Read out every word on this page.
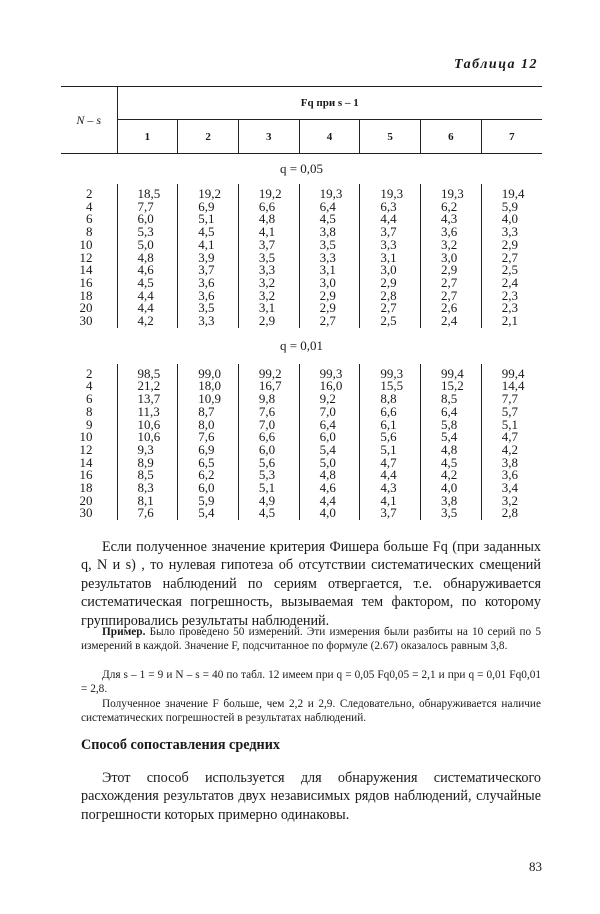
Таблица 12
N – s	Fq при s – 1						
	1	2	3	4	5	6	7
q = 0,05							
2	18,5	19,2	19,2	19,3	19,3	19,3	19,4
4	7,7	6,9	6,6	6,4	6,3	6,2	5,9
6	6,0	5,1	4,8	4,5	4,4	4,3	4,0
8	5,3	4,5	4,1	3,8	3,7	3,6	3,3
10	5,0	4,1	3,7	3,5	3,3	3,2	2,9
12	4,8	3,9	3,5	3,3	3,1	3,0	2,7
14	4,6	3,7	3,3	3,1	3,0	2,9	2,5
16	4,5	3,6	3,2	3,0	2,9	2,7	2,4
18	4,4	3,6	3,2	2,9	2,8	2,7	2,3
20	4,4	3,5	3,1	2,9	2,7	2,6	2,3
30	4,2	3,3	2,9	2,7	2,5	2,4	2,1
q = 0,01							
2	98,5	99,0	99,2	99,3	99,3	99,4	99,4
4	21,2	18,0	16,7	16,0	15,5	15,2	14,4
6	13,7	10,9	9,8	9,2	8,8	8,5	7,7
8	11,3	8,7	7,6	7,0	6,6	6,4	5,7
9	10,6	8,0	7,0	6,4	6,1	5,8	5,1
10	10,6	7,6	6,6	6,0	5,6	5,4	4,7
12	9,3	6,9	6,0	5,4	5,1	4,8	4,2
14	8,9	6,5	5,6	5,0	4,7	4,5	3,8
16	8,5	6,2	5,3	4,8	4,4	4,2	3,6
18	8,3	6,0	5,1	4,6	4,3	4,0	3,4
20	8,1	5,9	4,9	4,4	4,1	3,8	3,2
30	7,6	5,4	4,5	4,0	3,7	3,5	2,8
Если полученное значение критерия Фишера больше Fq (при заданных q, N и s) , то нулевая гипотеза об отсутствии систематических смещений результатов наблюдений по сериям отвергается, т.е. обнаруживается систематическая погрешность, вызываемая тем фактором, по которому группировались результаты наблюдений.
Пример. Было проведено 50 измерений. Эти измерения были разбиты на 10 серий по 5 измерений в каждой. Значение F, подсчитанное по формуле (2.67) оказалось равным 3,8.
Для s – 1 = 9 и N – s = 40 по табл. 12 имеем при q = 0,05 Fq0,05 = 2,1 и при q = 0,01 Fq0,01 = 2,8.
Полученное значение F больше, чем 2,2 и 2,9. Следовательно, обнаруживается наличие систематических погрешностей в результатах наблюдений.
Способ сопоставления средних
Этот способ используется для обнаружения систематического расхождения результатов двух независимых рядов наблюдений, случайные погрешности которых примерно одинаковы.
83
